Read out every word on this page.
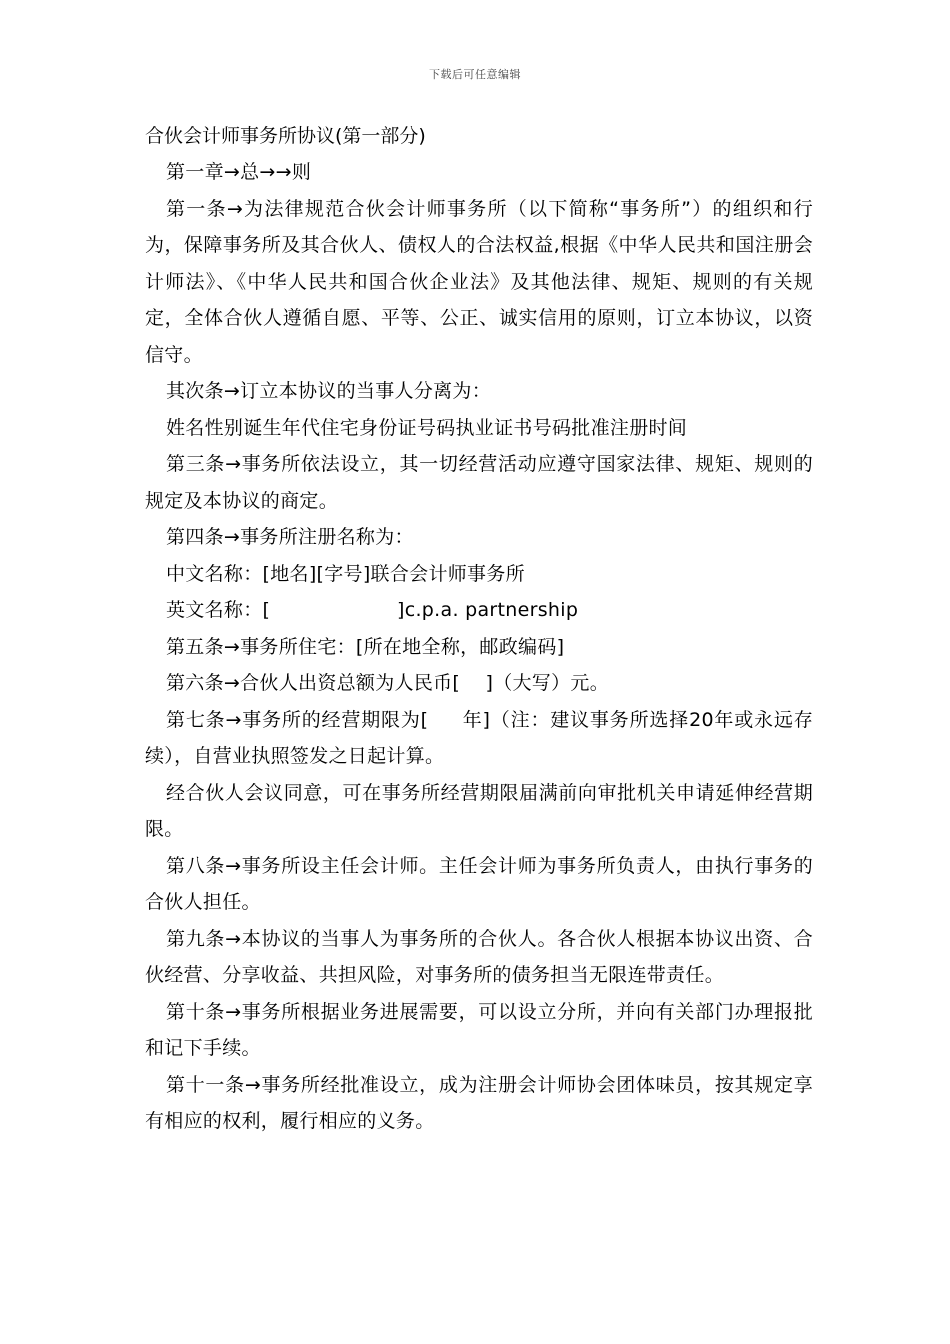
下载后可任意编辑
合伙会计师事务所协议(第一部分)
第一章→总→→则
第一条→为法律规范合伙会计师事务所（以下简称“事务所”）的组织和行为，保障事务所及其合伙人、债权人的合法权益,根据《中华人民共和国注册会计师法》、《中华人民共和国合伙企业法》及其他法律、规矩、规则的有关规定，全体合伙人遵循自愿、平等、公正、诚实信用的原则，订立本协议，以资信守。
其次条→订立本协议的当事人分离为：
姓名性别诞生年代住宅身份证号码执业证书号码批准注册时间
第三条→事务所依法设立，其一切经营活动应遵守国家法律、规矩、规则的规定及本协议的商定。
第四条→事务所注册名称为：
中文名称：[地名][字号]联合会计师事务所
英文名称：[                    ]c.p.a. partnership
第五条→事务所住宅：[所在地全称，邮政编码]
第六条→合伙人出资总额为人民币[    ]（大写）元。
第七条→事务所的经营期限为[     年]（注：建议事务所选择20年或永远存续），自营业执照签发之日起计算。
经合伙人会议同意，可在事务所经营期限届满前向审批机关申请延伸经营期限。
第八条→事务所设主任会计师。主任会计师为事务所负责人，由执行事务的合伙人担任。
第九条→本协议的当事人为事务所的合伙人。各合伙人根据本协议出资、合伙经营、分享收益、共担风险，对事务所的债务担当无限连带责任。
第十条→事务所根据业务进展需要，可以设立分所，并向有关部门办理报批和记下手续。
第十一条→事务所经批准设立，成为注册会计师协会团体味员，按其规定享有相应的权利，履行相应的义务。
